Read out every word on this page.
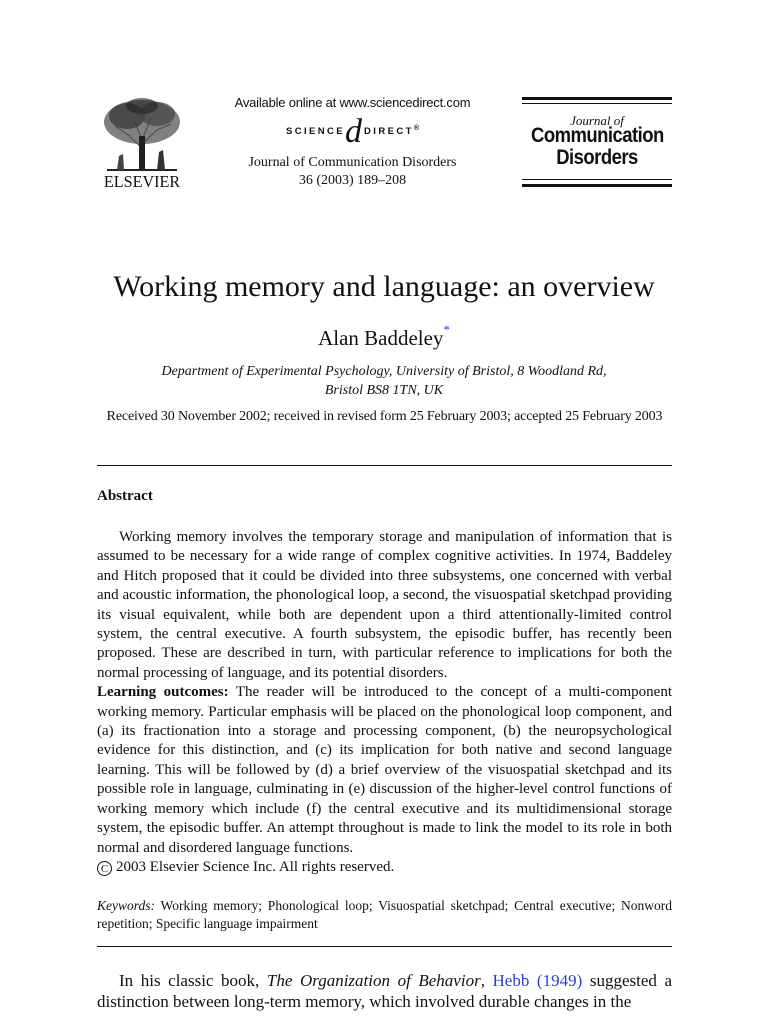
ELSEVIER
Available online at www.sciencedirect.com
SCIENCE d DIRECT ®
Journal of Communication Disorders
36 (2003) 189–208
Journal of
Communication
Disorders
Working memory and language: an overview
Alan Baddeley*
Department of Experimental Psychology, University of Bristol, 8 Woodland Rd,
Bristol BS8 1TN, UK
Received 30 November 2002; received in revised form 25 February 2003; accepted 25 February 2003
Abstract

Working memory involves the temporary storage and manipulation of information that is assumed to be necessary for a wide range of complex cognitive activities. In 1974, Baddeley and Hitch proposed that it could be divided into three subsystems, one concerned with verbal and acoustic information, the phonological loop, a second, the visuospatial sketchpad providing its visual equivalent, while both are dependent upon a third attentionally-limited control system, the central executive. A fourth subsystem, the episodic buffer, has recently been proposed. These are described in turn, with particular reference to implications for both the normal processing of language, and its potential disorders.

Learning outcomes: The reader will be introduced to the concept of a multi-component working memory. Particular emphasis will be placed on the phonological loop component, and (a) its fractionation into a storage and processing component, (b) the neuropsychological evidence for this distinction, and (c) its implication for both native and second language learning. This will be followed by (d) a brief overview of the visuospatial sketchpad and its possible role in language, culminating in (e) discussion of the higher-level control functions of working memory which include (f) the central executive and its multidimensional storage system, the episodic buffer. An attempt throughout is made to link the model to its role in both normal and disordered language functions.

C 2003 Elsevier Science Inc. All rights reserved.

Keywords: Working memory; Phonological loop; Visuospatial sketchpad; Central executive; Nonword repetition; Specific language impairment
In his classic book, The Organization of Behavior, Hebb (1949) suggested a distinction between long-term memory, which involved durable changes in the
